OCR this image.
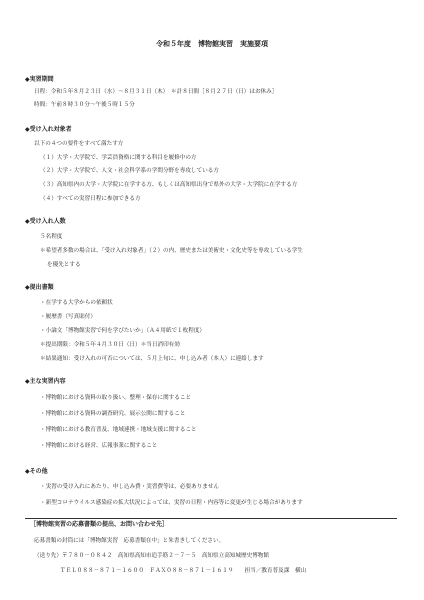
令和５年度　博物館実習　実施要項
◆実習期間
日程：令和５年８月２３日（水）～８月３１日（木）　＊計８日間［８月２７日（日）はお休み］
時間：午前８時３０分～午後５時１５分
◆受け入れ対象者
以下の４つの要件をすべて満たす方
（１）大学・大学院で、学芸員資格に関する科目を履修中の方
（２）大学・大学院で、人文・社会科学系の学問分野を専攻している方
（３）高知県内の大学・大学院に在学する方、もしくは高知県出身で県外の大学・大学院に在学する方
（４）すべての実習日程に参加できる方
◆受け入れ人数
５名程度
＊希望者多数の場合は、「受け入れ対象者」（２）の内、歴史または美術史・文化史等を専攻している学生
を優先とする
◆提出書類
・在学する大学からの依頼状
・履歴書（写真貼付）
・小論文「博物館実習で何を学びたいか」（Ａ４用紙で１枚程度）
＊提出期限：令和５年４月３０日（日）＊当日消印有効
＊結果通知：受け入れの可否については、５月上旬に、申し込み者（本人）に連絡します
◆主な実習内容
・博物館における資料の取り扱い、整理・保存に関すること
・博物館における資料の調査研究、展示公開に関すること
・博物館における教育普及、地域連携・地域支援に関すること
・博物館における経営、広報事業に関すること
◆その他
・実習の受け入れにあたり、申し込み費・実習費等は、必要ありません
・新型コロナウイルス感染症の拡大状況によっては、実習の日程・内容等に変更が生じる場合があります
［博物館実習の応募書類の提出、お問い合わせ先］
応募書類の封筒には「博物館実習　応募書類在中」と朱書きしてください。
（送り先）〒７８０－０８４２　高知県高知市追手筋２－７－５　高知県立高知城歴史博物館
ＴＥＬ０８８－８７１－１６００　ＦＡＸ０８８－８７１－１６１９　　担当／教育普及課　横山
